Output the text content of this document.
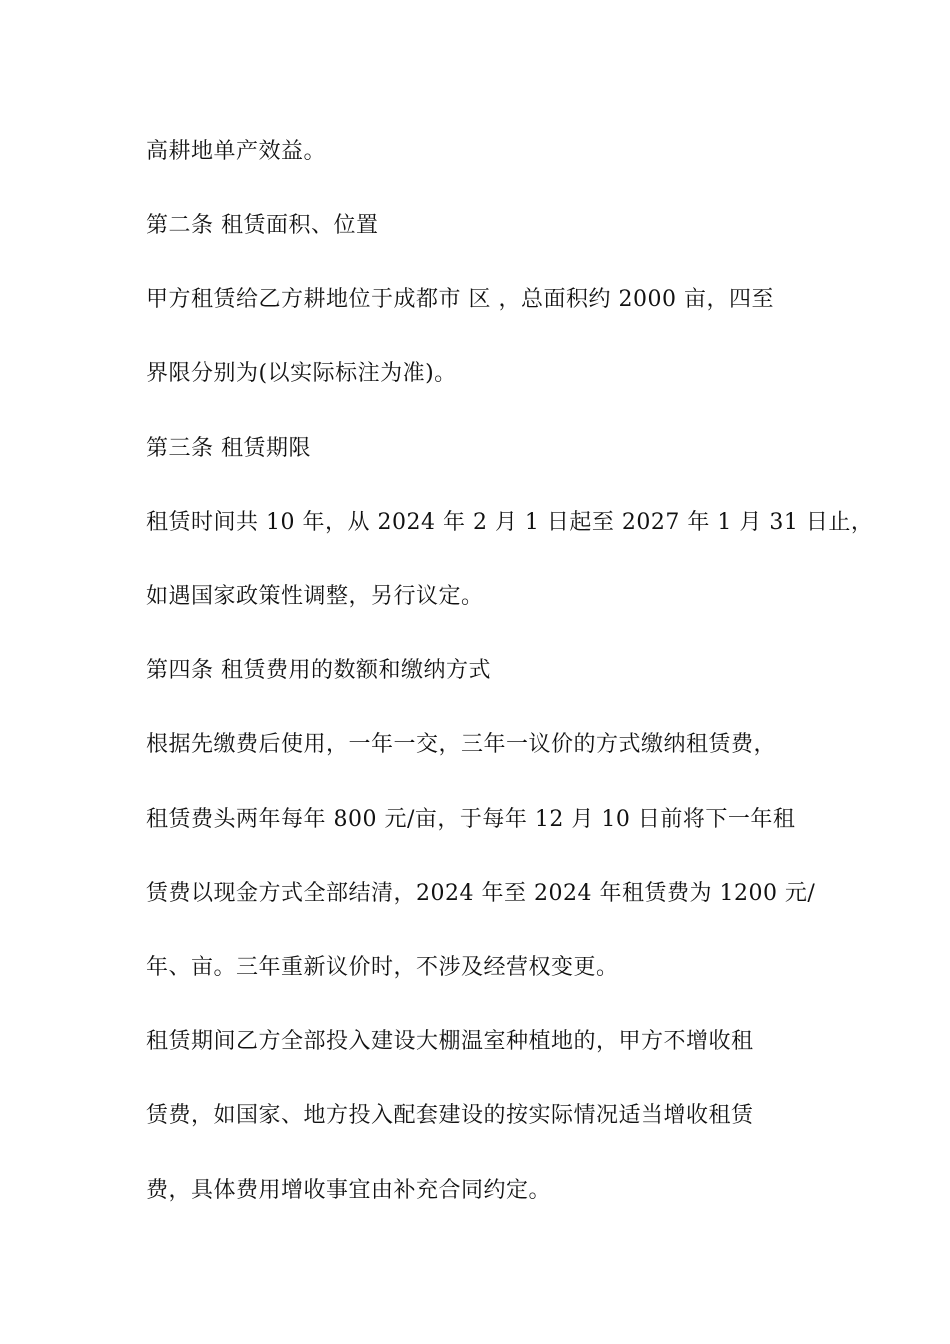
高耕地单产效益。
第二条 租赁面积、位置
甲方租赁给乙方耕地位于成都市 区 ，总面积约 2000 亩，四至
界限分别为(以实际标注为准)。
第三条 租赁期限
租赁时间共 10 年，从 2024 年 2 月 1 日起至 2027 年 1 月 31 日止，
如遇国家政策性调整，另行议定。
第四条 租赁费用的数额和缴纳方式
根据先缴费后使用，一年一交，三年一议价的方式缴纳租赁费，
租赁费头两年每年 800 元/亩，于每年 12 月 10 日前将下一年租
赁费以现金方式全部结清，2024 年至 2024 年租赁费为 1200 元/
年、亩。三年重新议价时，不涉及经营权变更。
租赁期间乙方全部投入建设大棚温室种植地的，甲方不增收租
赁费，如国家、地方投入配套建设的按实际情况适当增收租赁
费，具体费用增收事宜由补充合同约定。
